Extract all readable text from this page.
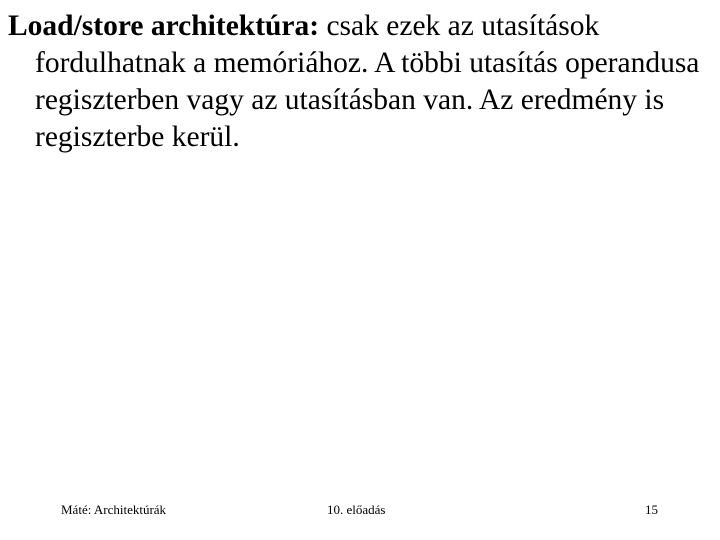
Load/store architektúra: csak ezek az utasítások fordulhatnak a memóriához. A többi utasítás operandusa regiszterben vagy az utasításban van. Az eredmény is regiszterbe kerül.

Máté: Architektúrák	10. előadás	15
